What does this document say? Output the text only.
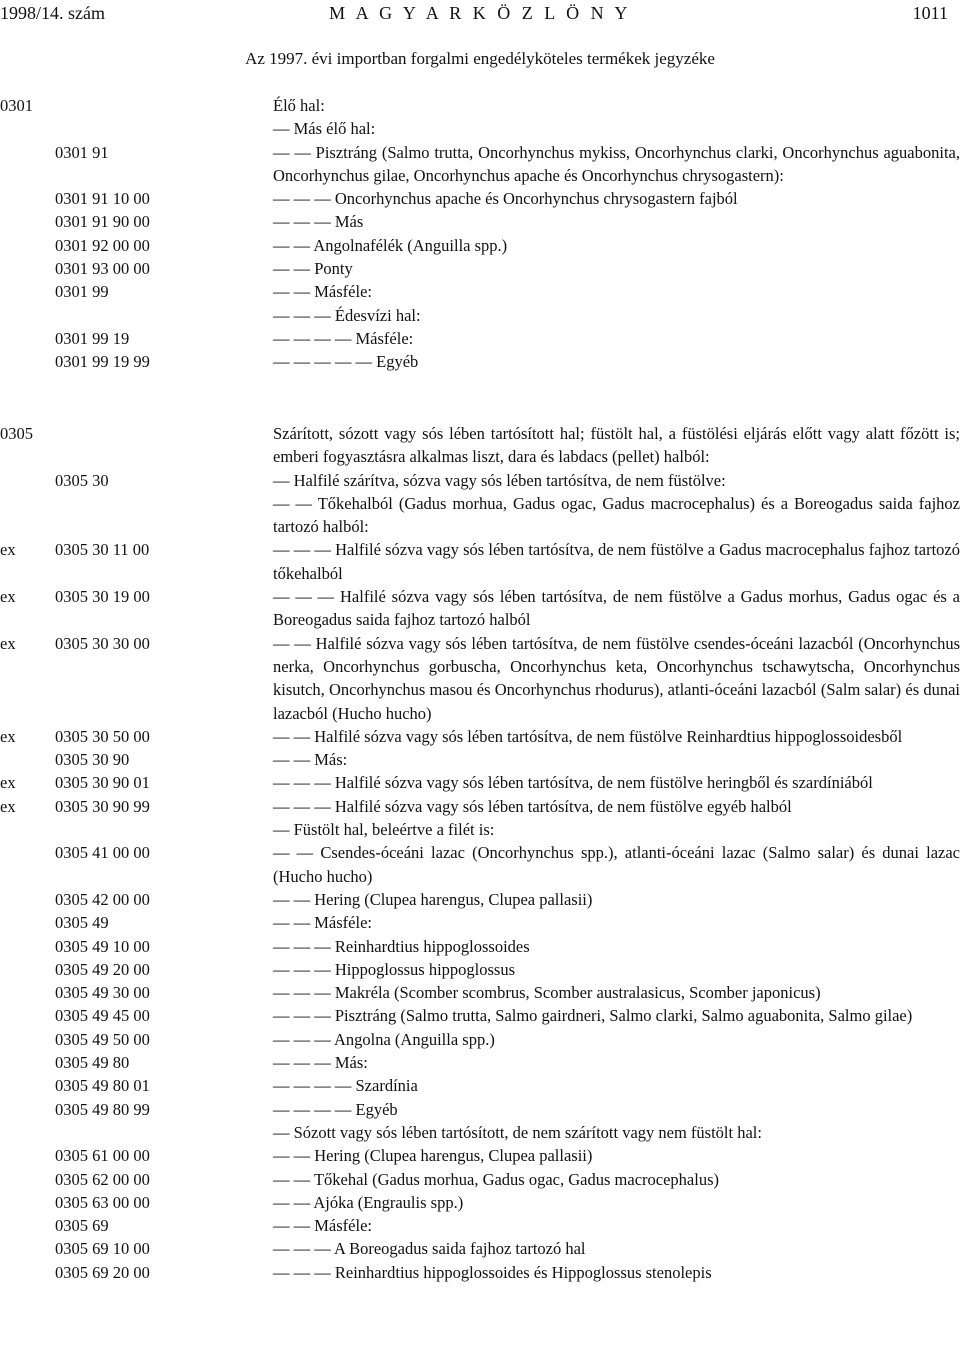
1998/14. szám	M A G Y A R K Ö Z L Ö N Y	1011
Az 1997. évi importban forgalmi engedélyköteles termékek jegyzéke
0301	Élő hal:
— Más élő hal:
0301 91	— — Pisztráng (Salmo trutta, Oncorhynchus mykiss, Oncorhynchus clarki, Oncorhynchus aguabonita, Oncorhynchus gilae, Oncorhynchus apache és Oncorhynchus chrysogastern):
0301 91 10 00	— — — Oncorhynchus apache és Oncorhynchus chrysogastern fajból
0301 91 90 00	— — — Más
0301 92 00 00	— — Angolnafélék (Anguilla spp.)
0301 93 00 00	— — Ponty
0301 99	— — Másféle:
— — — Édesvízi hal:
0301 99 19	— — — — Másféle:
0301 99 19 99	— — — — — Egyéb
0305	Szárított, sózott vagy sós lében tartósított hal; füstölt hal, a füstölési eljárás előtt vagy alatt főzött is; emberi fogyasztásra alkalmas liszt, dara és labdacs (pellet) halból:
0305 30	— Halfilé szárítva, sózva vagy sós lében tartósítva, de nem füstölve:
— — Tőkehalból (Gadus morhua, Gadus ogac, Gadus macrocephalus) és a Boreogadus saida fajhoz tartozó halból:
ex 0305 30 11 00	— — — Halfilé sózva vagy sós lében tartósítva, de nem füstölve a Gadus macrocephalus fajhoz tartozó tőkehalból
ex 0305 30 19 00	— — — Halfilé sózva vagy sós lében tartósítva, de nem füstölve a Gadus morhus, Gadus ogac és a Boreogadus saida fajhoz tartozó halból
ex 0305 30 30 00	— — Halfilé sózva vagy sós lében tartósítva, de nem füstölve csendes-óceáni lazacból (Oncorhynchus nerka, Oncorhynchus gorbuscha, Oncorhynchus keta, Oncorhynchus tschawytscha, Oncorhynchus kisutch, Oncorhynchus masou és Oncorhynchus rhodurus), atlanti-óceáni lazacból (Salm salar) és dunai lazacból (Hucho hucho)
ex 0305 30 50 00	— — Halfilé sózva vagy sós lében tartósítva, de nem füstölve Reinhardtius hippoglossoidesből
0305 30 90	— — Más:
ex 0305 30 90 01	— — — Halfilé sózva vagy sós lében tartósítva, de nem füstölve heringből és szardíniából
ex 0305 30 90 99	— — — Halfilé sózva vagy sós lében tartósítva, de nem füstölve egyéb halból
— Füstölt hal, beleértve a filét is:
0305 41 00 00	— — Csendes-óceáni lazac (Oncorhynchus spp.), atlanti-óceáni lazac (Salmo salar) és dunai lazac (Hucho hucho)
0305 42 00 00	— — Hering (Clupea harengus, Clupea pallasii)
0305 49	— — Másféle:
0305 49 10 00	— — — Reinhardtius hippoglossoides
0305 49 20 00	— — — Hippoglossus hippoglossus
0305 49 30 00	— — — Makréla (Scomber scombrus, Scomber australasicus, Scomber japonicus)
0305 49 45 00	— — — Pisztráng (Salmo trutta, Salmo gairdneri, Salmo clarki, Salmo aguabonita, Salmo gilae)
0305 49 50 00	— — — Angolna (Anguilla spp.)
0305 49 80	— — — Más:
0305 49 80 01	— — — — Szardínia
0305 49 80 99	— — — — Egyéb
— Sózott vagy sós lében tartósított, de nem szárított vagy nem füstölt hal:
0305 61 00 00	— — Hering (Clupea harengus, Clupea pallasii)
0305 62 00 00	— — Tőkehal (Gadus morhua, Gadus ogac, Gadus macrocephalus)
0305 63 00 00	— — Ajóka (Engraulis spp.)
0305 69	— — Másféle:
0305 69 10 00	— — — A Boreogadus saida fajhoz tartozó hal
0305 69 20 00	— — — Reinhardtius hippoglossoides és Hippoglossus stenolepis
